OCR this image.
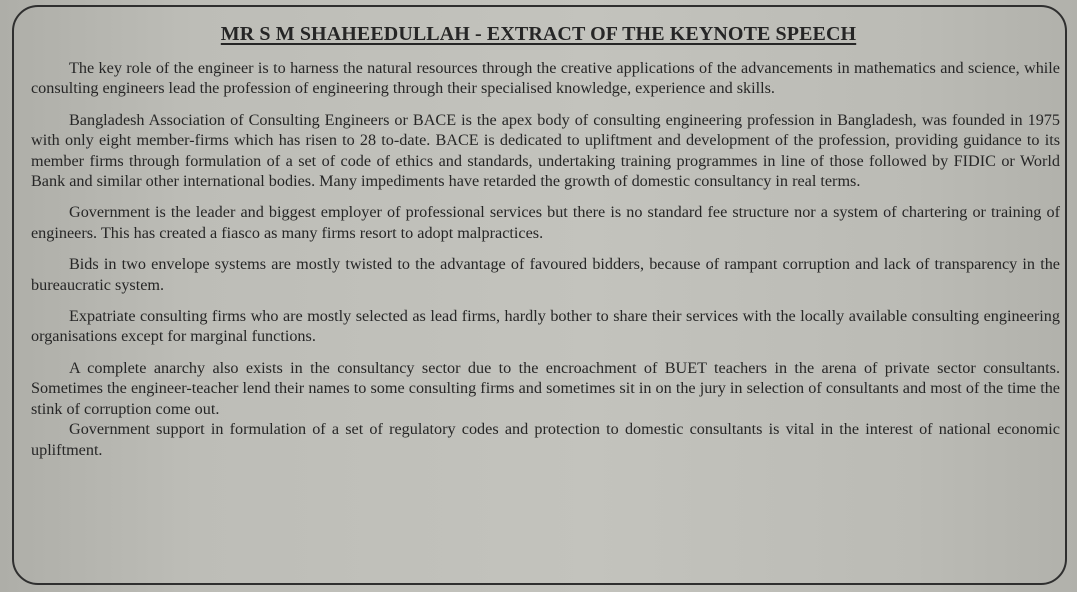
MR S M SHAHEEDULLAH - EXTRACT OF THE KEYNOTE SPEECH

The key role of the engineer is to harness the natural resources through the creative applications of the advancements in mathematics and science, while consulting engineers lead the profession of engineering through their specialised knowledge, experience and skills.

Bangladesh Association of Consulting Engineers or BACE is the apex body of consulting engineering profession in Bangladesh, was founded in 1975 with only eight member-firms which has risen to 28 to-date. BACE is dedicated to upliftment and development of the profession, providing guidance to its member firms through formulation of a set of code of ethics and standards, undertaking training programmes in line of those followed by FIDIC or World Bank and similar other international bodies. Many impediments have retarded the growth of domestic consultancy in real terms.

Government is the leader and biggest employer of professional services but there is no standard fee structure nor a system of chartering or training of engineers. This has created a fiasco as many firms resort to adopt malpractices.

Bids in two envelope systems are mostly twisted to the advantage of favoured bidders, because of rampant corruption and lack of transparency in the bureaucratic system.

Expatriate consulting firms who are mostly selected as lead firms, hardly bother to share their services with the locally available consulting engineering organisations except for marginal functions.

A complete anarchy also exists in the consultancy sector due to the encroachment of BUET teachers in the arena of private sector consultants. Sometimes the engineer-teacher lend their names to some consulting firms and sometimes sit in on the jury in selection of consultants and most of the time the stink of corruption come out.

Government support in formulation of a set of regulatory codes and protection to domestic consultants is vital in the interest of national economic upliftment.
